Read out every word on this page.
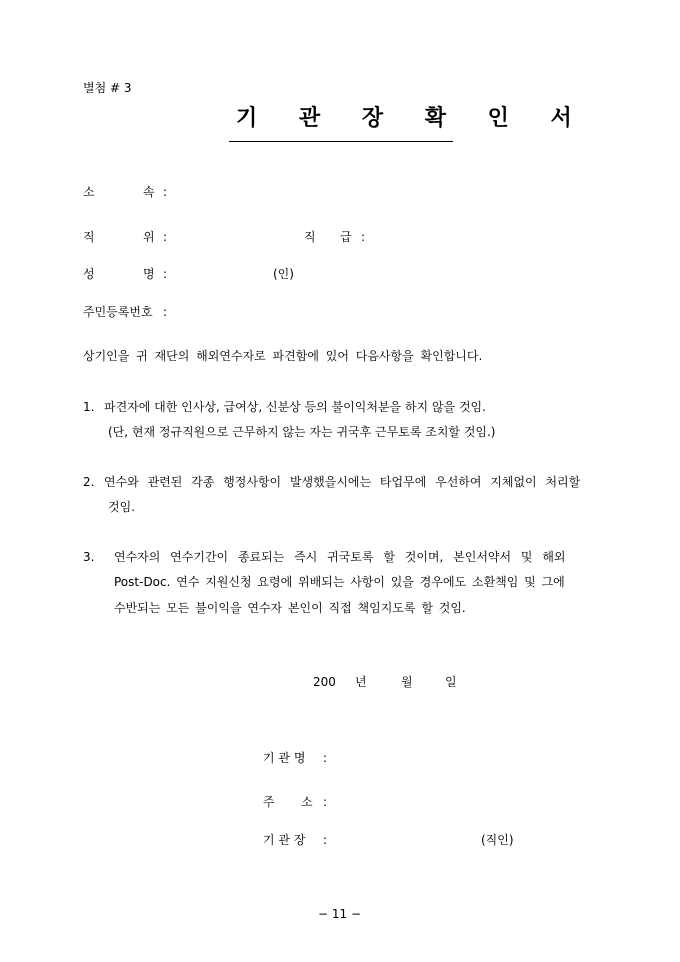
별첨 # 3
기 관 장 확 인 서
소	속 :
직	위 :	직 급 :
성	명 :	(인)
주민등록번호 :
상기인을 귀 재단의 해외연수자로 파견함에 있어 다음사항을 확인합니다.
1. 파견자에 대한 인사상, 급여상, 신분상 등의 불이익처분을 하지 않을 것임.
(단, 현재 정규직원으로 근무하지 않는 자는 귀국후 근무토록 조치할 것임.)
2. 연수와 관련된 각종 행정사항이 발생했을시에는 타업무에 우선하여 지체없이 처리할
것임.
3. 연수자의 연수기간이 종료되는 즉시 귀국토록 할 것이며, 본인서약서 및 해외
Post-Doc. 연수 지원신청 요령에 위배되는 사항이 있을 경우에도 소환책임 및 그에
수반되는 모든 불이익을 연수자 본인이 직접 책임지도록 할 것임.
200 년	월	일
기 관 명 :
주 소 :
기 관 장 :	(직인)
− 11 −
